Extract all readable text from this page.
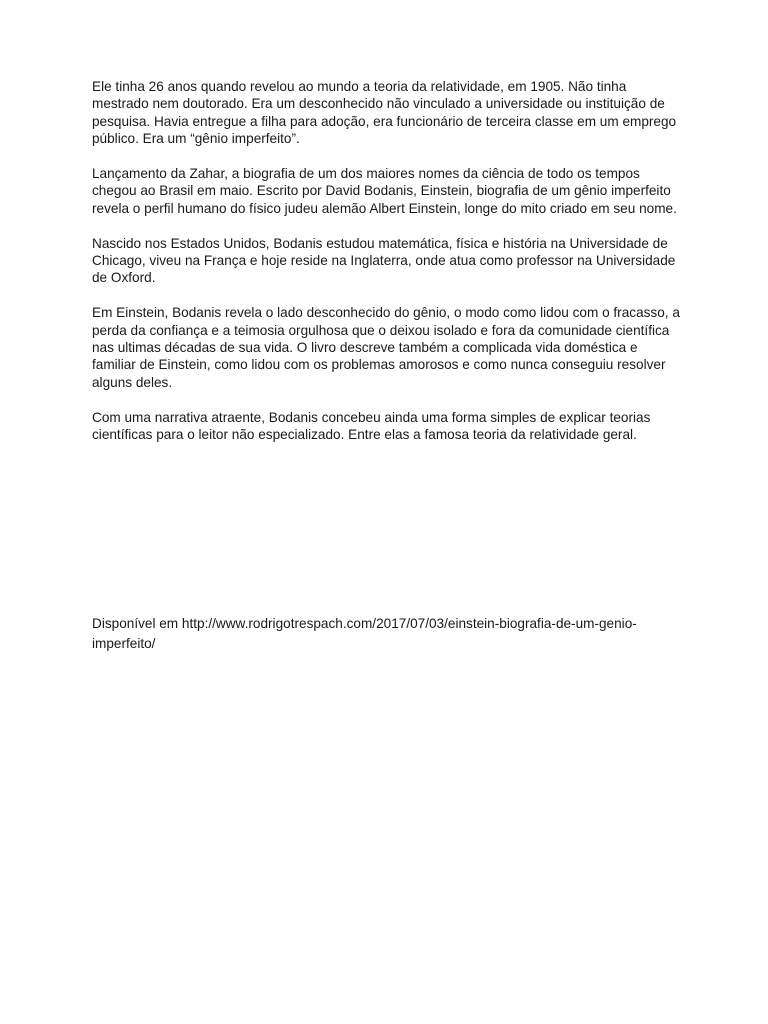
Ele tinha 26 anos quando revelou ao mundo a teoria da relatividade, em 1905. Não tinha mestrado nem doutorado. Era um desconhecido não vinculado a universidade ou instituição de pesquisa. Havia entregue a filha para adoção, era funcionário de terceira classe em um emprego público. Era um “gênio imperfeito”.

Lançamento da Zahar, a biografia de um dos maiores nomes da ciência de todo os tempos chegou ao Brasil em maio. Escrito por David Bodanis, Einstein, biografia de um gênio imperfeito revela o perfil humano do físico judeu alemão Albert Einstein, longe do mito criado em seu nome.

Nascido nos Estados Unidos, Bodanis estudou matemática, física e história na Universidade de Chicago, viveu na França e hoje reside na Inglaterra, onde atua como professor na Universidade de Oxford.

Em Einstein, Bodanis revela o lado desconhecido do gênio, o modo como lidou com o fracasso, a perda da confiança e a teimosia orgulhosa que o deixou isolado e fora da comunidade científica nas ultimas décadas de sua vida. O livro descreve também a complicada vida doméstica e familiar de Einstein, como lidou com os problemas amorosos e como nunca conseguiu resolver alguns deles.

Com uma narrativa atraente, Bodanis concebeu ainda uma forma simples de explicar teorias científicas para o leitor não especializado. Entre elas a famosa teoria da relatividade geral.

Disponível em http://www.rodrigotrespach.com/2017/07/03/einstein-biografia-de-um-genio-imperfeito/
